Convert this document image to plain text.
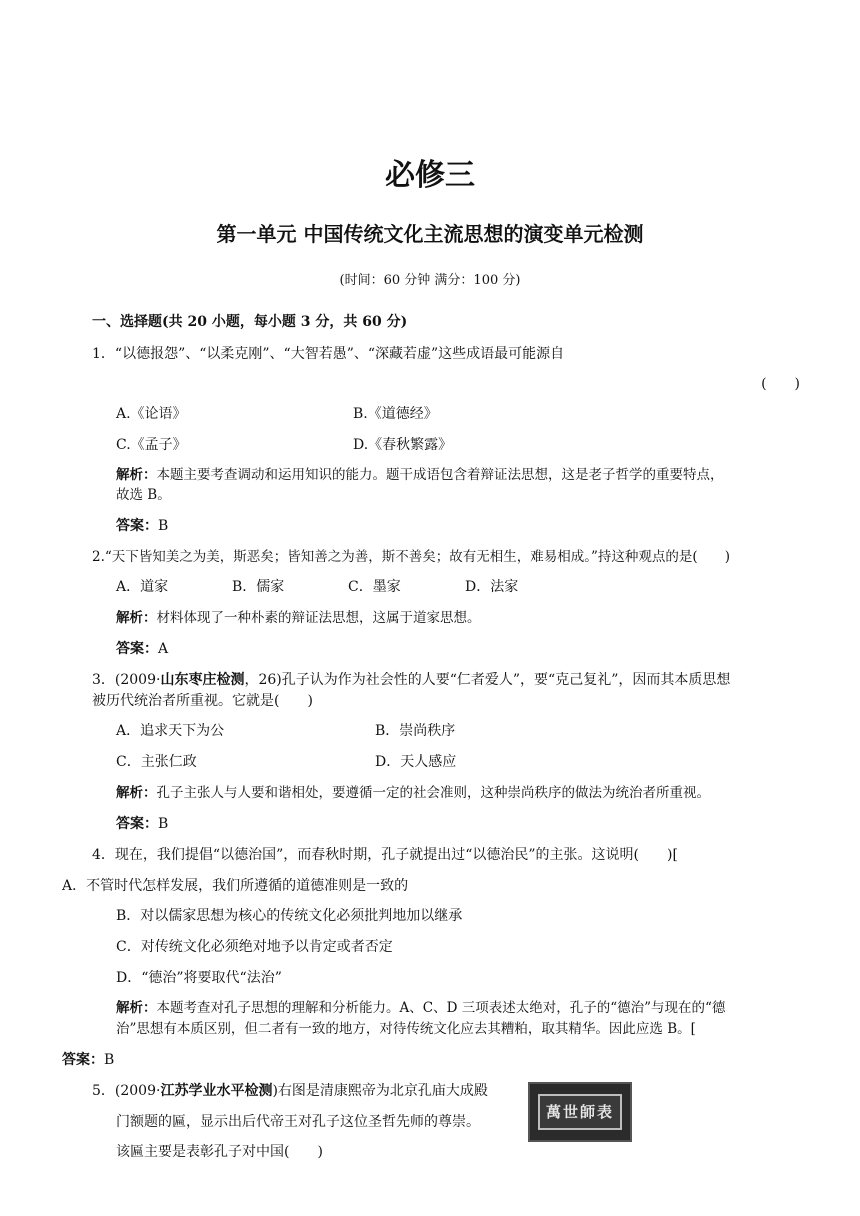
必修三
第一单元 中国传统文化主流思想的演变单元检测
(时间：60 分钟 满分：100 分)
一、选择题(共 20 小题，每小题 3 分，共 60 分)
1．“以德报怨”、“以柔克刚”、“大智若愚”、“深藏若虚”这些成语最可能源自
(　　)
A.《论语》	B.《道德经》
C.《孟子》	D.《春秋繁露》
解析：本题主要考查调动和运用知识的能力。题干成语包含着辩证法思想，这是老子哲学的重要特点，
故选 B。
答案：B
2.“天下皆知美之为美，斯恶矣；皆知善之为善，斯不善矣；故有无相生，难易相成。”持这种观点的是(　　)
A．道家	B．儒家	C．墨家	D．法家
解析：材料体现了一种朴素的辩证法思想，这属于道家思想。
答案：A
3．(2009·山东枣庄检测，26)孔子认为作为社会性的人要“仁者爱人”，要“克己复礼”，因而其本质思想
被历代统治者所重视。它就是(　　)
A．追求天下为公	B．崇尚秩序
C．主张仁政	D．天人感应
解析：孔子主张人与人要和谐相处，要遵循一定的社会准则，这种崇尚秩序的做法为统治者所重视。
答案：B
4．现在，我们提倡“以德治国”，而春秋时期，孔子就提出过“以德治民”的主张。这说明(　　)[
A．不管时代怎样发展，我们所遵循的道德准则是一致的
B．对以儒家思想为核心的传统文化必须批判地加以继承
C．对传统文化必须绝对地予以肯定或者否定
D．“德治”将要取代“法治”
解析：本题考查对孔子思想的理解和分析能力。A、C、D 三项表述太绝对，孔子的“德治”与现在的“德
治”思想有本质区别，但二者有一致的地方，对待传统文化应去其糟粕，取其精华。因此应选 B。[
答案：B
5．(2009·江苏学业水平检测)右图是清康熙帝为北京孔庙大成殿
门额题的匾，显示出后代帝王对孔子这位圣哲先师的尊崇。
该匾主要是表彰孔子对中国(　　)
萬世師表
